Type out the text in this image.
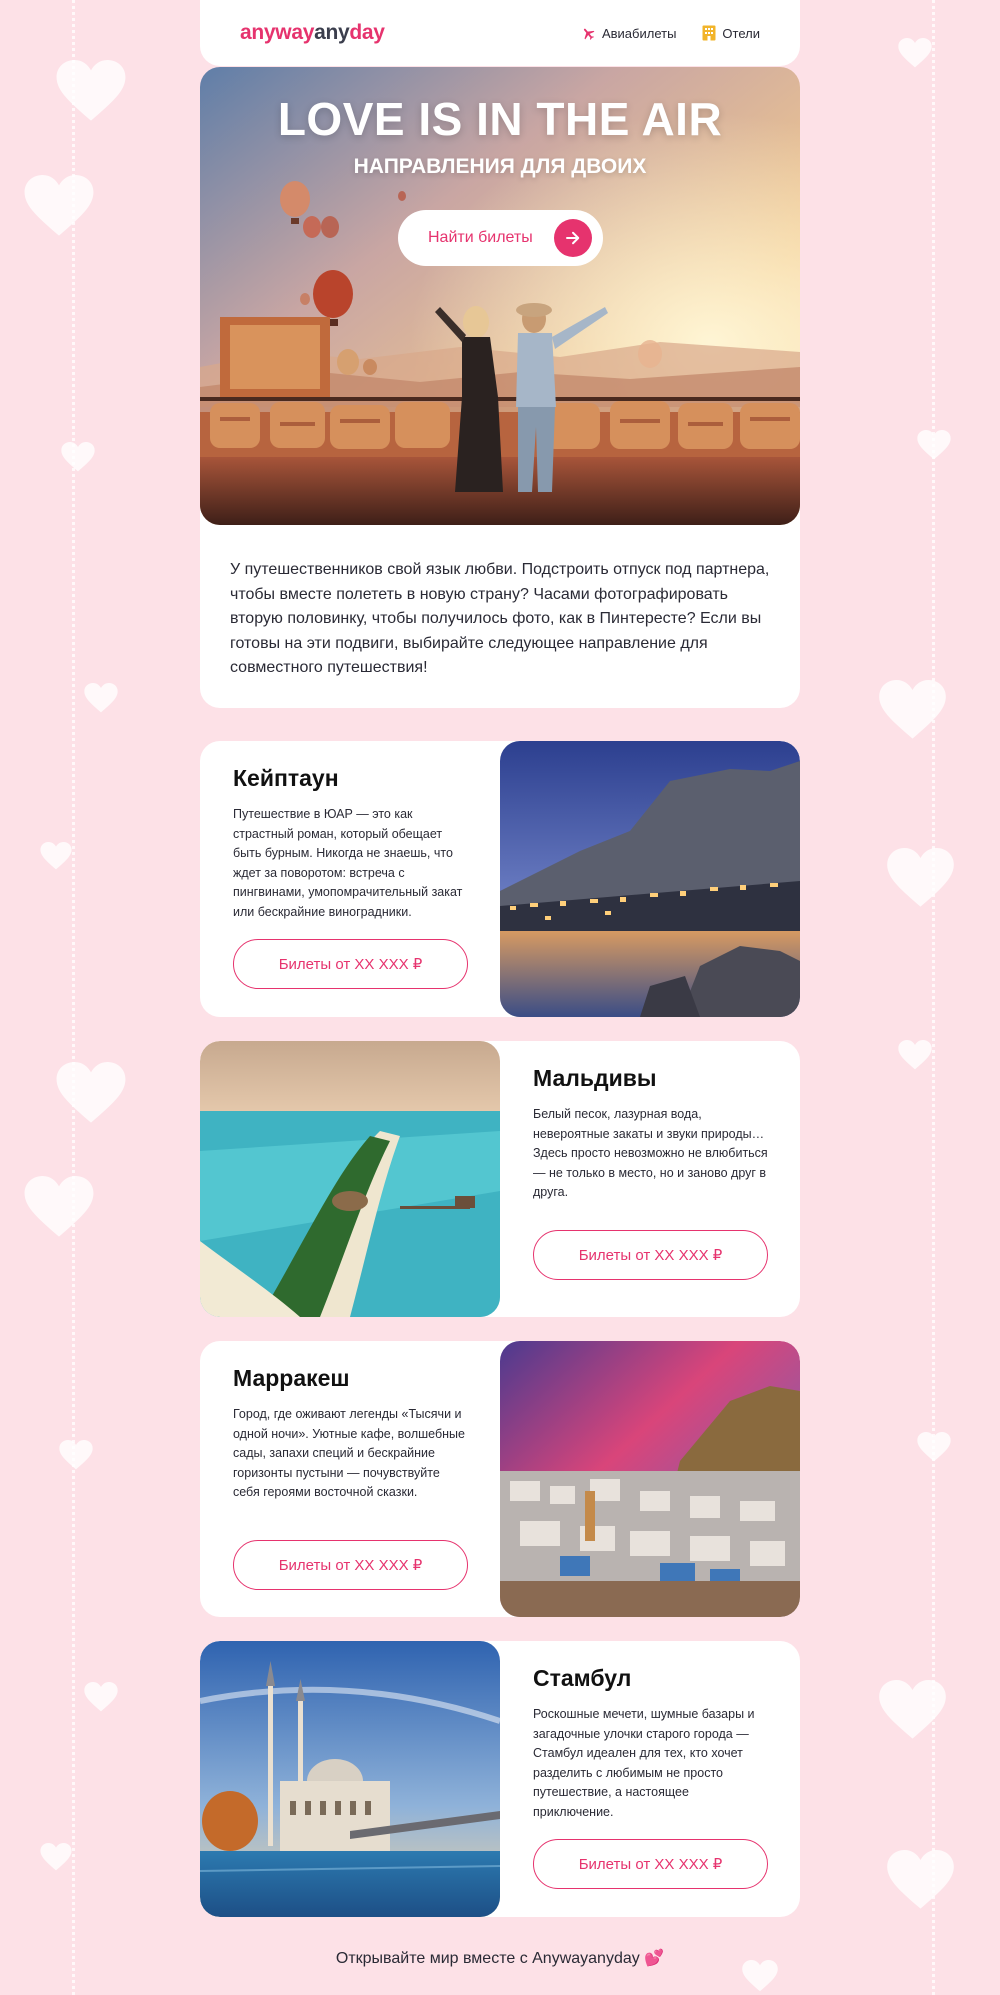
anywayanyday	Авиабилеты	Отели
У путешественников свой язык любви. Подстроить отпуск под партнера, чтобы вместе полететь в новую страну? Часами фотографировать вторую половинку, чтобы получилось фото, как в Пинтересте? Если вы готовы на эти подвиги, выбирайте следующее направление для совместного путешествия!
LOVE IS IN THE AIR
НАПРАВЛЕНИЯ ДЛЯ ДВОИХ
Найти билеты
Кейптаун

Путешествие в ЮАР — это как страстный роман, который обещает быть бурным. Никогда не знаешь, что ждет за поворотом: встреча с пингвинами, умопомрачительный закат или бескрайние виноградники.

Билеты от XX XXX ₽
Мальдивы

Белый песок, лазурная вода, невероятные закаты и звуки природы… Здесь просто невозможно не влюбиться — не только в место, но и заново друг в друга.

Билеты от XX XXX ₽
Марракеш

Город, где оживают легенды «Тысячи и одной ночи». Уютные кафе, волшебные сады, запахи специй и бескрайние горизонты пустыни — почувствуйте себя героями восточной сказки.

Билеты от XX XXX ₽
Стамбул

Роскошные мечети, шумные базары и загадочные улочки старого города — Стамбул идеален для тех, кто хочет разделить с любимым не просто путешествие, а настоящее приключение.

Билеты от XX XXX ₽
Открывайте мир вместе с Anywayanyday 💕
